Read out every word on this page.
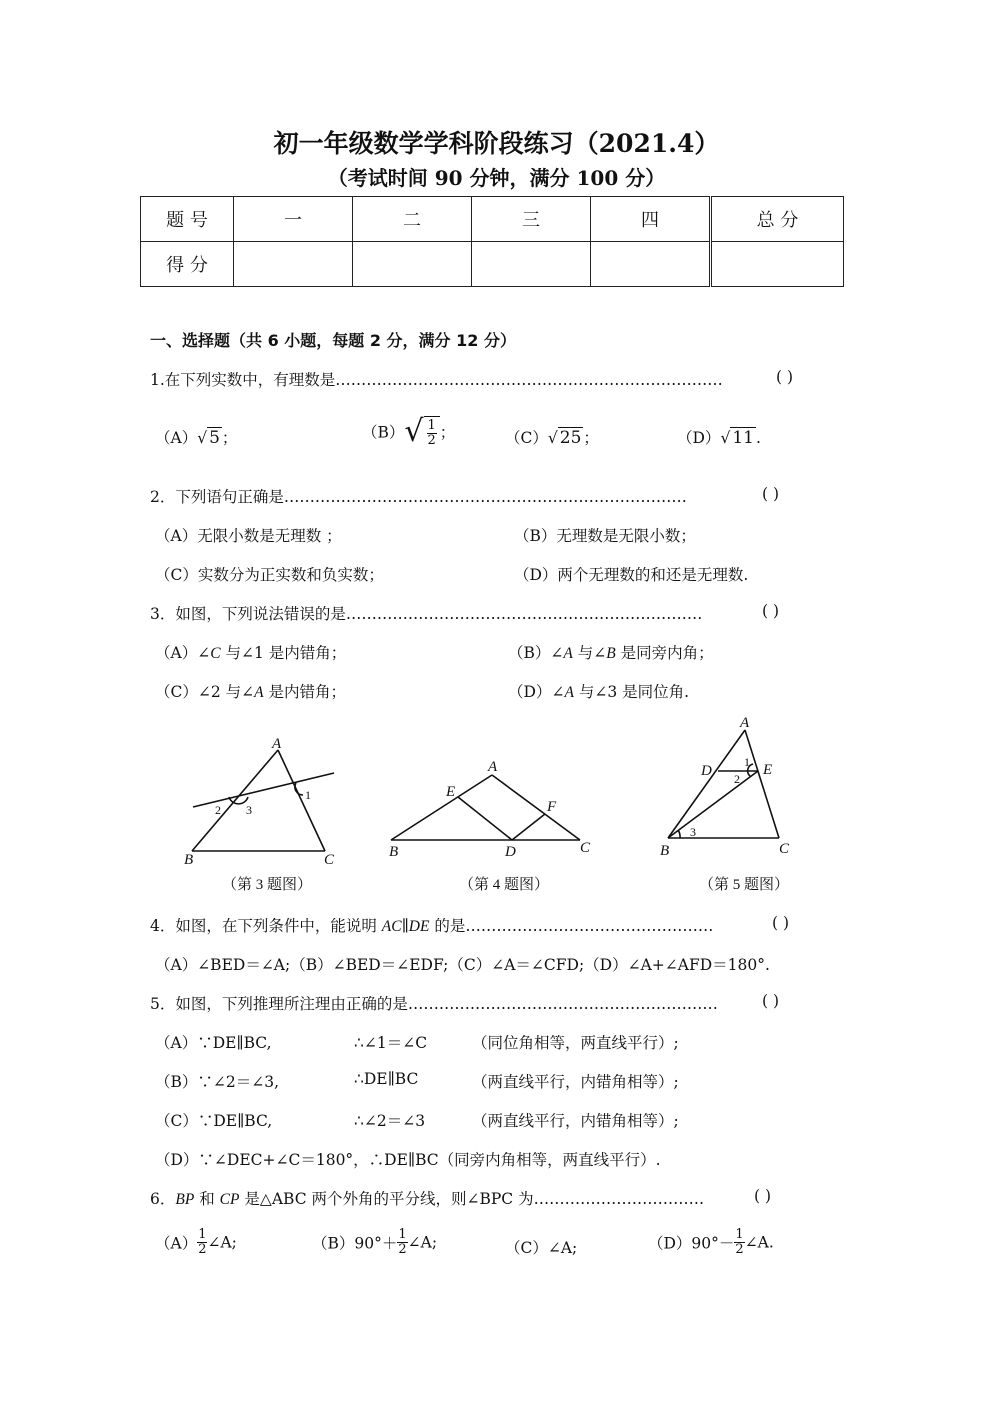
初一年级数学学科阶段练习（2021.4）
（考试时间 90 分钟，满分 100 分）
题 号	一	二	三	四	总 分
得 分					
一、选择题（共 6 小题，每题 2 分，满分 12 分）
1.在下列实数中，有理数是…………………………………………………………………	( )
（A）√ 5 ；	$(B)√ \frac{1}{2}$ ；	（C）√ 25 ；	（D）√ 11 .
2．下列语句正确是……………………………………………………………………	( )
（A）无限小数是无理数 ；	（B）无理数是无限小数；
（C）实数分为正实数和负实数；	（D）两个无理数的和还是无理数.
3．如图，下列说法错误的是……………………………………………………………	( )
（A）∠C 与∠1 是内错角；	（B）∠A 与∠B 是同旁内角；
（C）∠2 与∠A 是内错角；	（D）∠A 与∠3 是同位角.
A
B	C
1
2 3
（第 3 题图）
A
B	C
D
E
F
（第 4 题图）
A
B	C
D	E
1
2
3
（第 5 题图）
4．如图，在下列条件中，能说明 AC∥DE 的是…………………………………………	( )
（A）∠BED＝∠A;（B）∠BED＝∠EDF;（C）∠A＝∠CFD;（D）∠A+∠AFD＝180°.
5．如图，下列推理所注理由正确的是……………………………………………………	( )
（A）∵DE∥BC,	∴∠1＝∠C	（同位角相等，两直线平行）;
（B）∵∠2＝∠3,	∴DE∥BC	（两直线平行，内错角相等）;
（C）∵DE∥BC,	∴∠2＝∠3	（两直线平行，内错角相等）;
（D）∵∠DEC+∠C＝180°，∴DE∥BC（同旁内角相等，两直线平行）.
6．BP 和 CP 是△ABC 两个外角的平分线，则∠BPC 为……………………………	( )
$(A) \frac{1}{2}$ ∠A;	$(B)90^\circ+ \frac{1}{2}$ ∠A;	（C）∠A;	$(D)90^\circ- \frac{1}{2}$ ∠A.
